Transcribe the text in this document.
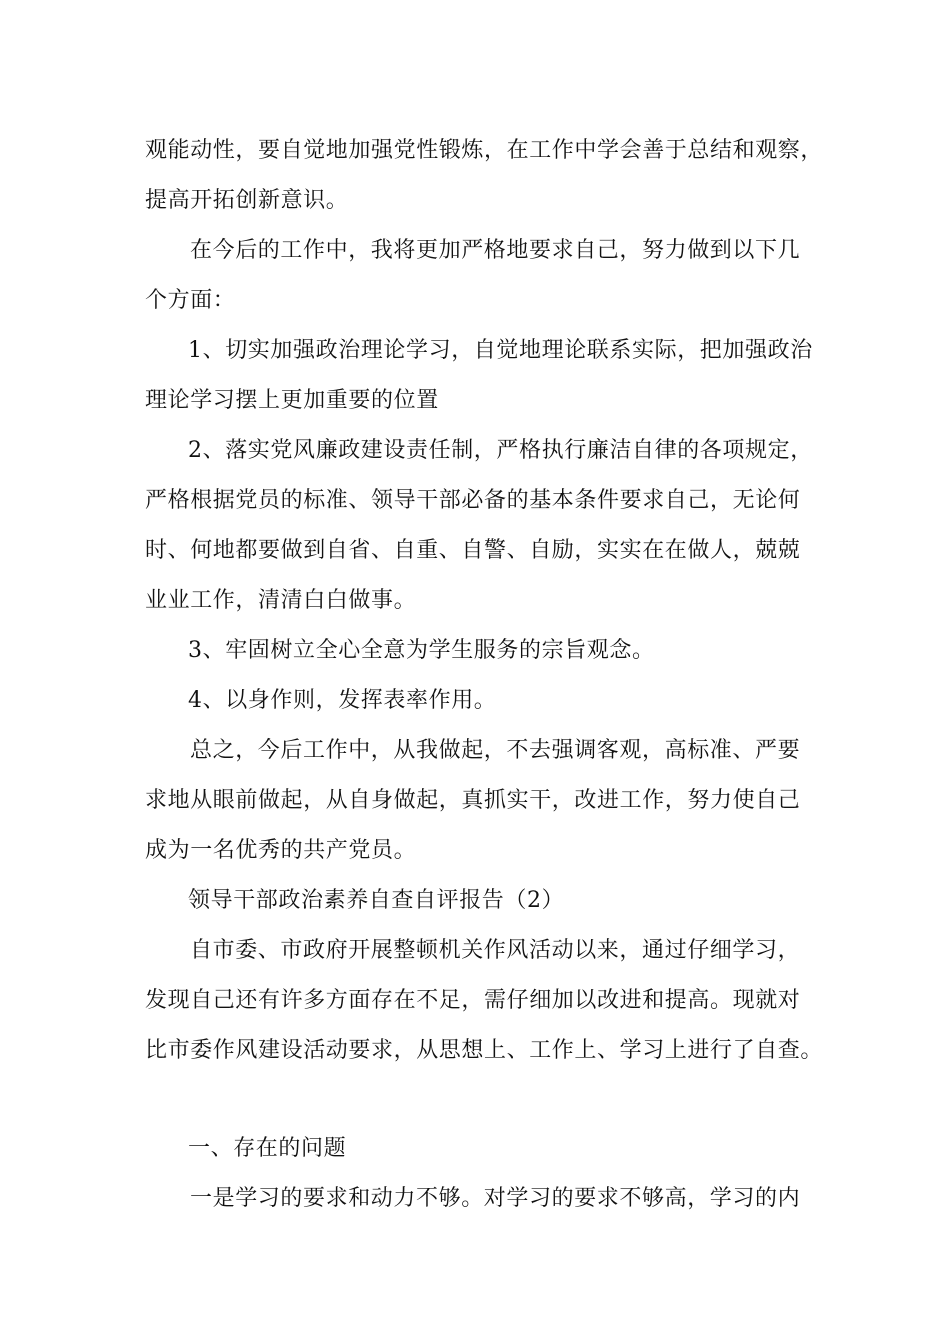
观能动性，要自觉地加强党性锻炼，在工作中学会善于总结和观察，
提高开拓创新意识。
在今后的工作中，我将更加严格地要求自己，努力做到以下几
个方面：
1、切实加强政治理论学习，自觉地理论联系实际，把加强政治
理论学习摆上更加重要的位置
2、落实党风廉政建设责任制，严格执行廉洁自律的各项规定，
严格根据党员的标准、领导干部必备的基本条件要求自己，无论何
时、何地都要做到自省、自重、自警、自励，实实在在做人，兢兢
业业工作，清清白白做事。
3、牢固树立全心全意为学生服务的宗旨观念。
4、以身作则，发挥表率作用。
总之，今后工作中，从我做起，不去强调客观，高标准、严要
求地从眼前做起，从自身做起，真抓实干，改进工作，努力使自己
成为一名优秀的共产党员。
领导干部政治素养自查自评报告（2）
自市委、市政府开展整顿机关作风活动以来，通过仔细学习，
发现自己还有许多方面存在不足，需仔细加以改进和提高。现就对
比市委作风建设活动要求，从思想上、工作上、学习上进行了自查。
一、存在的问题
一是学习的要求和动力不够。对学习的要求不够高，学习的内
